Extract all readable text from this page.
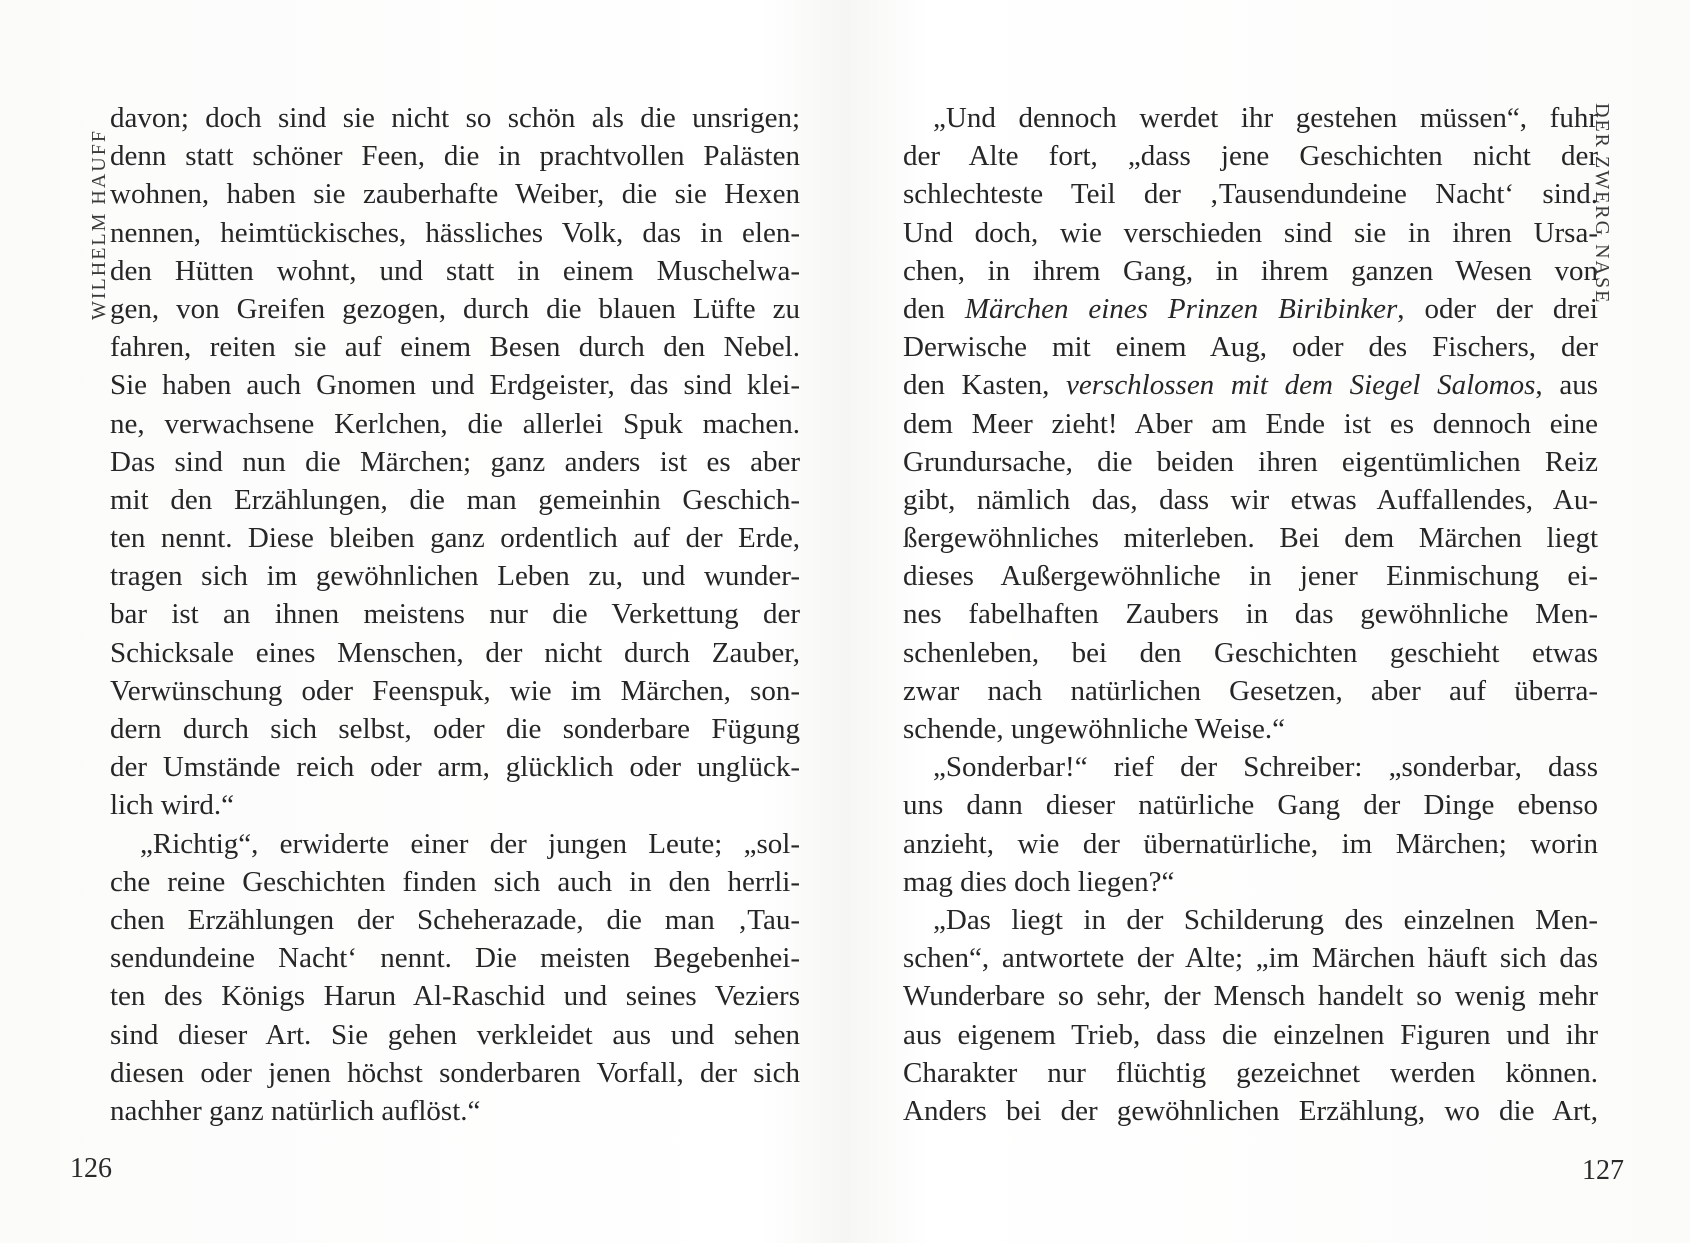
WILHELM HAUFF
davon; doch sind sie nicht so schön als die unsrigen;
denn statt schöner Feen, die in prachtvollen Palästen
wohnen, haben sie zauberhafte Weiber, die sie Hexen
nennen, heimtückisches, hässliches Volk, das in elen-
den Hütten wohnt, und statt in einem Muschelwa-
gen, von Greifen gezogen, durch die blauen Lüfte zu
fahren, reiten sie auf einem Besen durch den Nebel.
Sie haben auch Gnomen und Erdgeister, das sind klei-
ne, verwachsene Kerlchen, die allerlei Spuk machen.
Das sind nun die Märchen; ganz anders ist es aber
mit den Erzählungen, die man gemeinhin Geschich-
ten nennt. Diese bleiben ganz ordentlich auf der Erde,
tragen sich im gewöhnlichen Leben zu, und wunder-
bar ist an ihnen meistens nur die Verkettung der
Schicksale eines Menschen, der nicht durch Zauber,
Verwünschung oder Feenspuk, wie im Märchen, son-
dern durch sich selbst, oder die sonderbare Fügung
der Umstände reich oder arm, glücklich oder unglück-
lich wird.“
„Richtig“, erwiderte einer der jungen Leute; „sol-
che reine Geschichten finden sich auch in den herrli-
chen Erzählungen der Scheherazade, die man ‚Tau-
sendundeine Nacht‘ nennt. Die meisten Begebenhei-
ten des Königs Harun Al-Raschid und seines Veziers
sind dieser Art. Sie gehen verkleidet aus und sehen
diesen oder jenen höchst sonderbaren Vorfall, der sich
nachher ganz natürlich auflöst.“
126
DER ZWERG NASE
„Und dennoch werdet ihr gestehen müssen“, fuhr
der Alte fort, „dass jene Geschichten nicht der
schlechteste Teil der ‚Tausendundeine Nacht‘ sind.
Und doch, wie verschieden sind sie in ihren Ursa-
chen, in ihrem Gang, in ihrem ganzen Wesen von
den Märchen eines Prinzen Biribinker, oder der drei
Derwische mit einem Aug, oder des Fischers, der
den Kasten, verschlossen mit dem Siegel Salomos, aus
dem Meer zieht! Aber am Ende ist es dennoch eine
Grundursache, die beiden ihren eigentümlichen Reiz
gibt, nämlich das, dass wir etwas Auffallendes, Au-
ßergewöhnliches miterleben. Bei dem Märchen liegt
dieses Außergewöhnliche in jener Einmischung ei-
nes fabelhaften Zaubers in das gewöhnliche Men-
schenleben, bei den Geschichten geschieht etwas
zwar nach natürlichen Gesetzen, aber auf überra-
schende, ungewöhnliche Weise.“
„Sonderbar!“ rief der Schreiber: „sonderbar, dass
uns dann dieser natürliche Gang der Dinge ebenso
anzieht, wie der übernatürliche, im Märchen; worin
mag dies doch liegen?“
„Das liegt in der Schilderung des einzelnen Men-
schen“, antwortete der Alte; „im Märchen häuft sich das
Wunderbare so sehr, der Mensch handelt so wenig mehr
aus eigenem Trieb, dass die einzelnen Figuren und ihr
Charakter nur flüchtig gezeichnet werden können.
Anders bei der gewöhnlichen Erzählung, wo die Art,
127
